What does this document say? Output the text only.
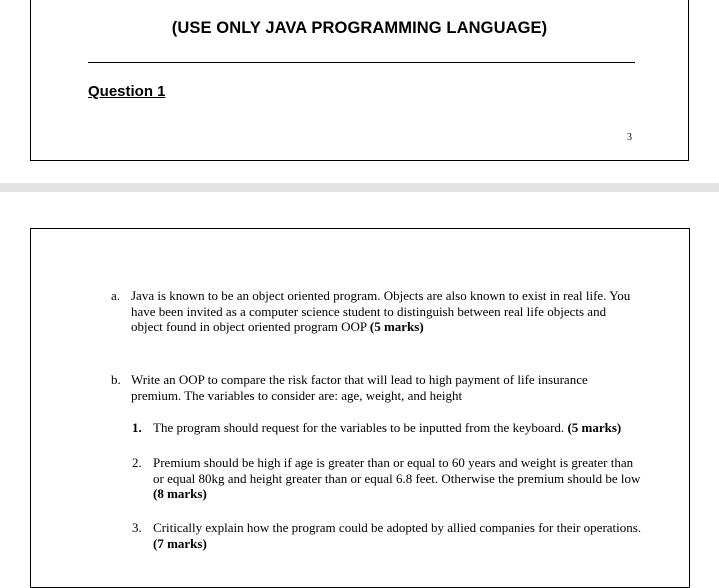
(USE ONLY JAVA PROGRAMMING LANGUAGE)
Question 1
3
a. Java is known to be an object oriented program. Objects are also known to exist in real life. You have been invited as a computer science student to distinguish between real life objects and object found in object oriented program OOP (5 marks)
b. Write an OOP to compare the risk factor that will lead to high payment of life insurance premium. The variables to consider are: age, weight, and height
1. The program should request for the variables to be inputted from the keyboard. (5 marks)
2. Premium should be high if age is greater than or equal to 60 years and weight is greater than or equal 80kg and height greater than or equal 6.8 feet. Otherwise the premium should be low (8 marks)
3. Critically explain how the program could be adopted by allied companies for their operations. (7 marks)
